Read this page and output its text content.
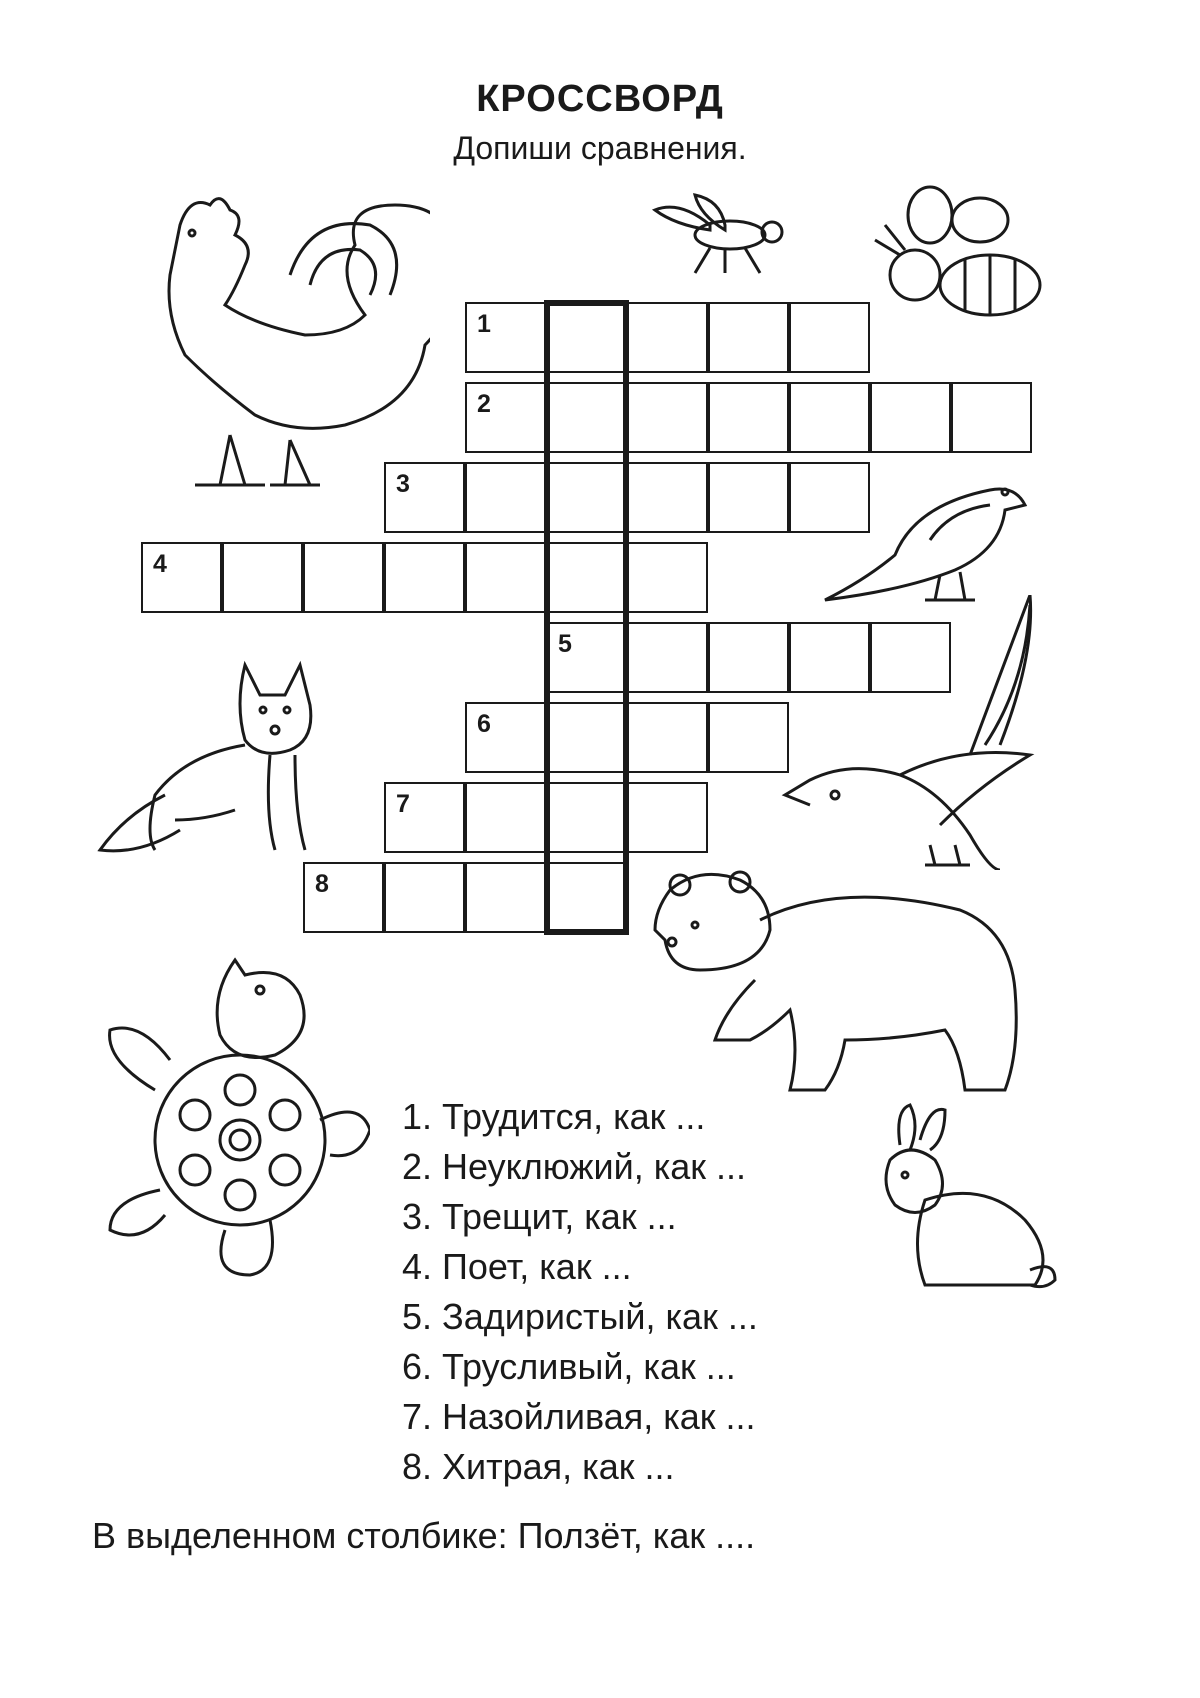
КРОССВОРД
Допиши сравнения.
1
2
3
4
5
6
7
8
1. Трудится, как ...
2. Неуклюжий, как ...
3. Трещит, как ...
4. Поет, как ...
5. Задиристый, как ...
6. Трусливый, как ...
7. Назойливая, как ...
8. Хитрая, как ...
В выделенном столбике: Ползёт, как ....
